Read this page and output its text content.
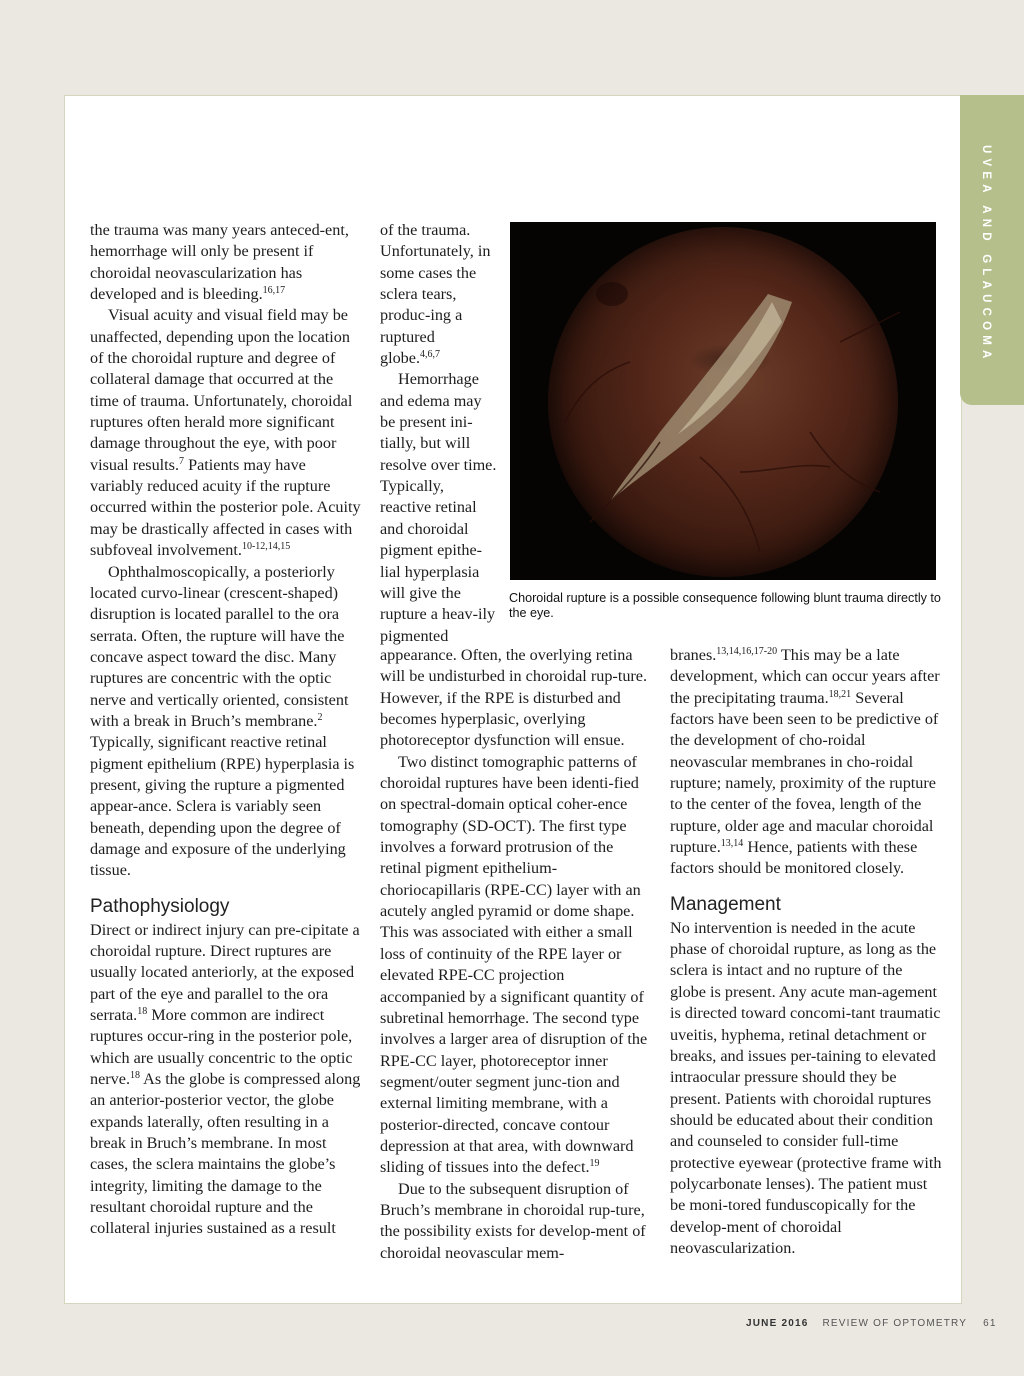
UVEA AND GLAUCOMA

the trauma was many years anteced-ent, hemorrhage will only be present if choroidal neovascularization has developed and is bleeding.$^{16,17}$

Visual acuity and visual field may be unaffected, depending upon the location of the choroidal rupture and degree of collateral damage that occurred at the time of trauma. Unfortunately, choroidal ruptures often herald more significant damage throughout the eye, with poor visual results.$^7$ Patients may have variably reduced acuity if the rupture occurred within the posterior pole. Acuity may be drastically affected in cases with subfoveal involvement.$^{10-12,14,15}$

Ophthalmoscopically, a posteriorly located curvo-linear (crescent-shaped) disruption is located parallel to the ora serrata. Often, the rupture will have the concave aspect toward the disc. Many ruptures are concentric with the optic nerve and vertically oriented, consistent with a break in Bruch’s membrane.$^2$ Typically, significant reactive retinal pigment epithelium (RPE) hyperplasia is present, giving the rupture a pigmented appear-ance. Sclera is variably seen beneath, depending upon the degree of damage and exposure of the underlying tissue.

Pathophysiology

Direct or indirect injury can pre-cipitate a choroidal rupture. Direct ruptures are usually located anteriorly, at the exposed part of the eye and parallel to the ora serrata.$^{18}$ More common are indirect ruptures occur-ring in the posterior pole, which are usually concentric to the optic nerve.$^{18}$ As the globe is compressed along an anterior-posterior vector, the globe expands laterally, often resulting in a break in Bruch’s membrane. In most cases, the sclera maintains the globe’s integrity, limiting the damage to the resultant choroidal rupture and the collateral injuries sustained as a result

of the trauma. Unfortunately, in some cases the sclera tears, produc-ing a ruptured globe.$^{4,6,7}$

Hemorrhage and edema may be present ini-tially, but will resolve over time. Typically, reactive retinal and choroidal pigment epithe-lial hyperplasia will give the rupture a heav-ily pigmented

Choroidal rupture is a possible consequence following blunt trauma directly to the eye.

appearance. Often, the overlying retina will be undisturbed in choroidal rup-ture. However, if the RPE is disturbed and becomes hyperplasic, overlying photoreceptor dysfunction will ensue.

Two distinct tomographic patterns of choroidal ruptures have been identi-fied on spectral-domain optical coher-ence tomography (SD-OCT). The first type involves a forward protrusion of the retinal pigment epithelium-choriocapillaris (RPE-CC) layer with an acutely angled pyramid or dome shape. This was associated with either a small loss of continuity of the RPE layer or elevated RPE-CC projection accompanied by a significant quantity of subretinal hemorrhage. The second type involves a larger area of disruption of the RPE-CC layer, photoreceptor inner segment/outer segment junc-tion and external limiting membrane, with a posterior-directed, concave contour depression at that area, with downward sliding of tissues into the defect.$^{19}$

Due to the subsequent disruption of Bruch’s membrane in choroidal rup-ture, the possibility exists for develop-ment of choroidal neovascular mem-

branes.$^{13,14,16,17-20}$ This may be a late development, which can occur years after the precipitating trauma.$^{18,21}$ Several factors have been seen to be predictive of the development of cho-roidal neovascular membranes in cho-roidal rupture; namely, proximity of the rupture to the center of the fovea, length of the rupture, older age and macular choroidal rupture.$^{13,14}$ Hence, patients with these factors should be monitored closely.

Management

No intervention is needed in the acute phase of choroidal rupture, as long as the sclera is intact and no rupture of the globe is present. Any acute man-agement is directed toward concomi-tant traumatic uveitis, hyphema, retinal detachment or breaks, and issues per-taining to elevated intraocular pressure should they be present. Patients with choroidal ruptures should be educated about their condition and counseled to consider full-time protective eyewear (protective frame with polycarbonate lenses). The patient must be moni-tored funduscopically for the develop-ment of choroidal neovascularization.

JUNE 2016 REVIEW OF OPTOMETRY 61
